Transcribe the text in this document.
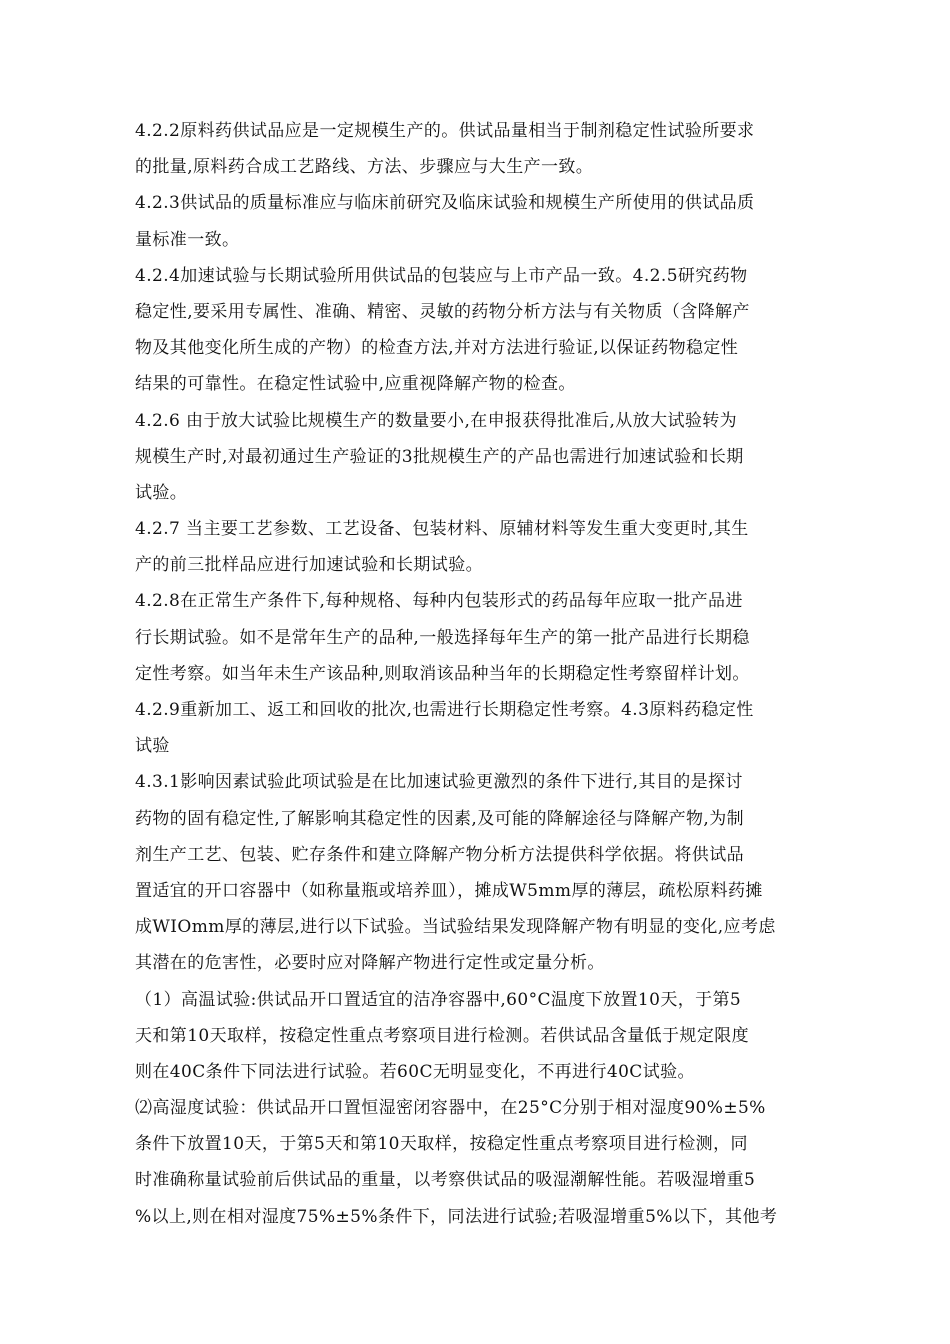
4.2.2原料药供试品应是一定规模生产的。供试品量相当于制剂稳定性试验所要求
的批量,原料药合成工艺路线、方法、步骤应与大生产一致。
4.2.3供试品的质量标准应与临床前研究及临床试验和规模生产所使用的供试品质
量标准一致。
4.2.4加速试验与长期试验所用供试品的包装应与上市产品一致。4.2.5研究药物
稳定性,要采用专属性、准确、精密、灵敏的药物分析方法与有关物质（含降解产
物及其他变化所生成的产物）的检查方法,并对方法进行验证,以保证药物稳定性
结果的可靠性。在稳定性试验中,应重视降解产物的检查。
4.2.6 由于放大试验比规模生产的数量要小,在申报获得批准后,从放大试验转为
规模生产时,对最初通过生产验证的3批规模生产的产品也需进行加速试验和长期
试验。
4.2.7 当主要工艺参数、工艺设备、包装材料、原辅材料等发生重大变更时,其生
产的前三批样品应进行加速试验和长期试验。
4.2.8在正常生产条件下,每种规格、每种内包装形式的药品每年应取一批产品进
行长期试验。如不是常年生产的品种,一般选择每年生产的第一批产品进行长期稳
定性考察。如当年未生产该品种,则取消该品种当年的长期稳定性考察留样计划。
4.2.9重新加工、返工和回收的批次,也需进行长期稳定性考察。4.3原料药稳定性
试验
4.3.1影响因素试验此项试验是在比加速试验更激烈的条件下进行,其目的是探讨
药物的固有稳定性,了解影响其稳定性的因素,及可能的降解途径与降解产物,为制
剂生产工艺、包装、贮存条件和建立降解产物分析方法提供科学依据。将供试品
置适宜的开口容器中（如称量瓶或培养皿），摊成W5mm厚的薄层，疏松原料药摊
成WIOmm厚的薄层,进行以下试验。当试验结果发现降解产物有明显的变化,应考虑
其潜在的危害性，必要时应对降解产物进行定性或定量分析。
（1）高温试验:供试品开口置适宜的洁净容器中,60°C温度下放置10天，于第5
天和第10天取样，按稳定性重点考察项目进行检测。若供试品含量低于规定限度
则在40C条件下同法进行试验。若60C无明显变化，不再进行40C试验。
⑵高湿度试验：供试品开口置恒湿密闭容器中，在25°C分别于相对湿度90%±5%
条件下放置10天，于第5天和第10天取样，按稳定性重点考察项目进行检测，同
时准确称量试验前后供试品的重量，以考察供试品的吸湿潮解性能。若吸湿增重5
%以上,则在相对湿度75%±5%条件下，同法进行试验;若吸湿增重5%以下，其他考
